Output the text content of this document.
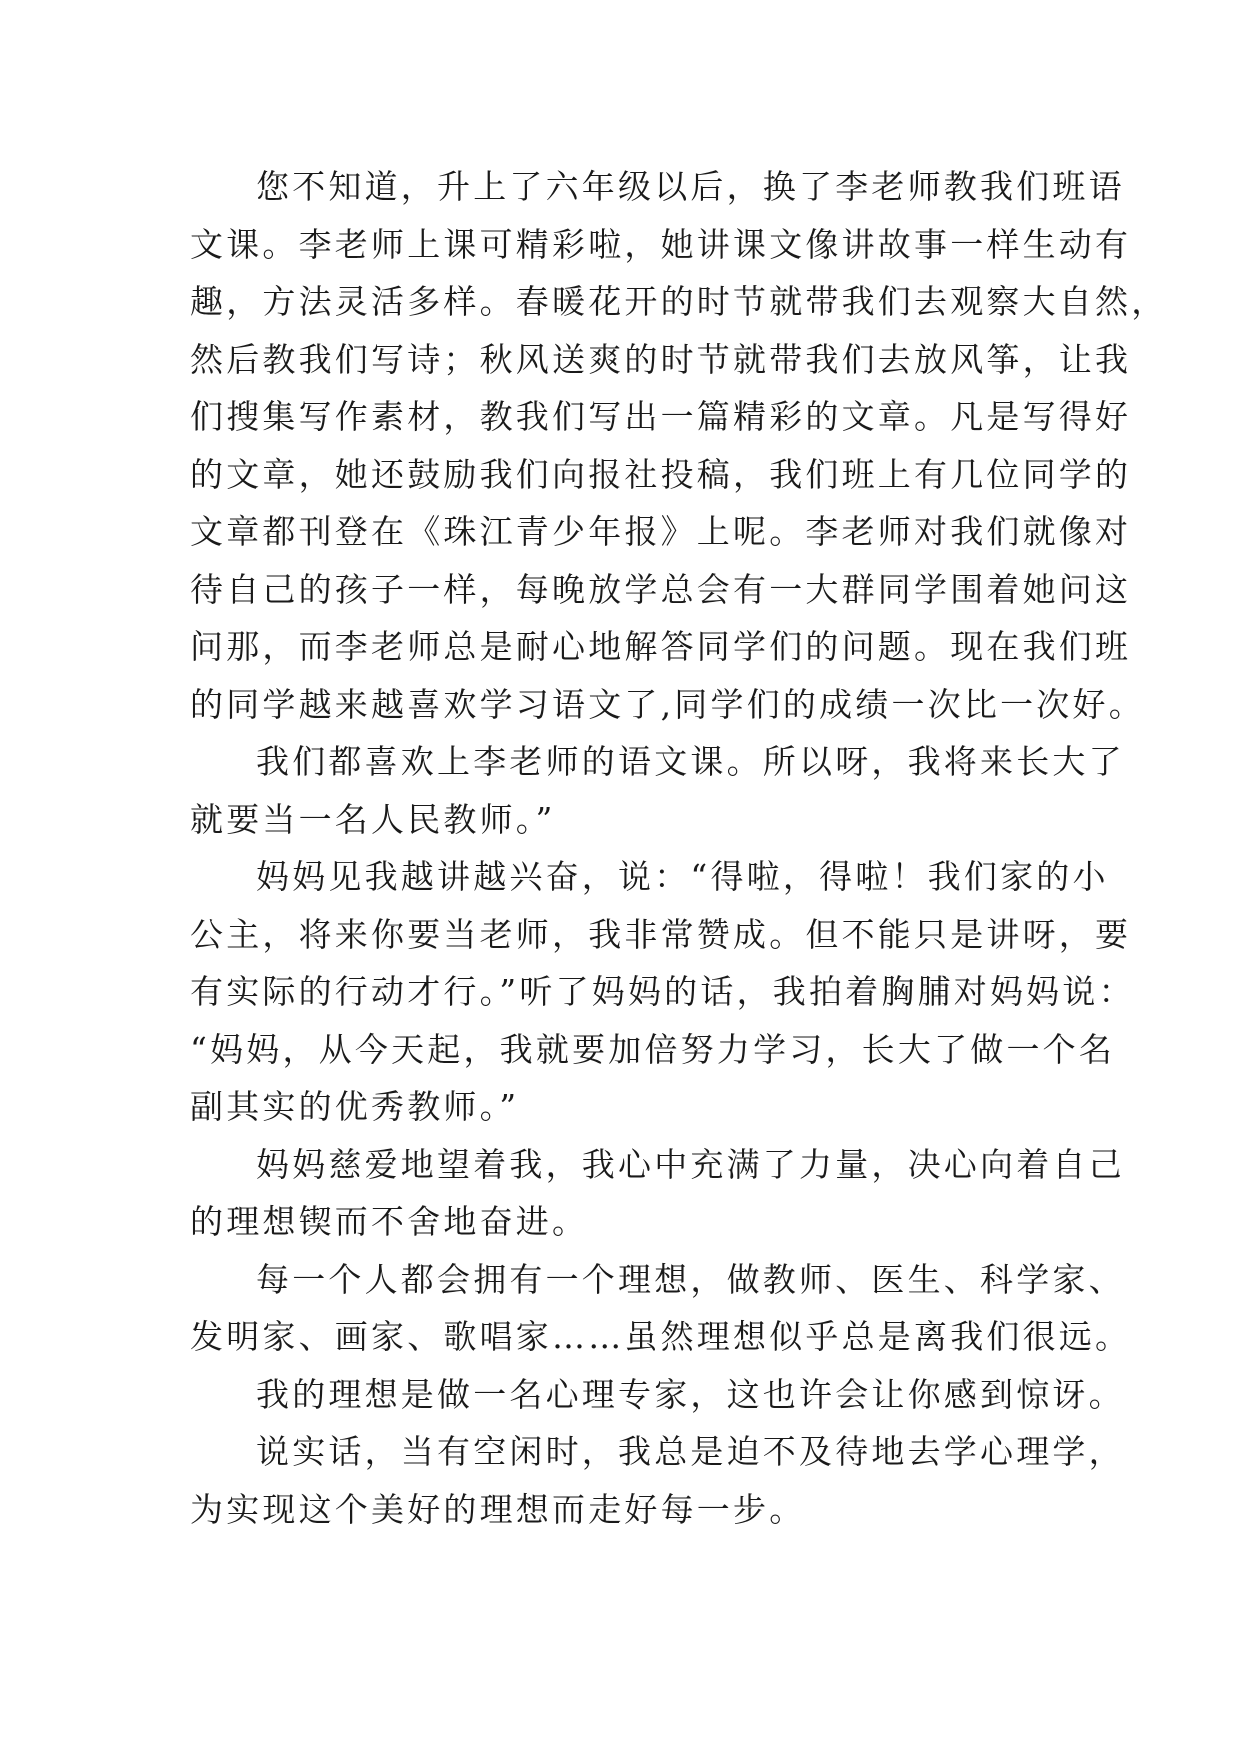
您不知道，升上了六年级以后，换了李老师教我们班语
文课。李老师上课可精彩啦，她讲课文像讲故事一样生动有
趣，方法灵活多样。春暖花开的时节就带我们去观察大自然，
然后教我们写诗；秋风送爽的时节就带我们去放风筝，让我
们搜集写作素材，教我们写出一篇精彩的文章。凡是写得好
的文章，她还鼓励我们向报社投稿，我们班上有几位同学的
文章都刊登在《珠江青少年报》上呢。李老师对我们就像对
待自己的孩子一样，每晚放学总会有一大群同学围着她问这
问那，而李老师总是耐心地解答同学们的问题。现在我们班
的同学越来越喜欢学习语文了,同学们的成绩一次比一次好。
我们都喜欢上李老师的语文课。所以呀，我将来长大了
就要当一名人民教师。”
妈妈见我越讲越兴奋，说：“得啦，得啦！我们家的小
公主，将来你要当老师，我非常赞成。但不能只是讲呀，要
有实际的行动才行。”听了妈妈的话，我拍着胸脯对妈妈说：
“妈妈，从今天起，我就要加倍努力学习，长大了做一个名
副其实的优秀教师。”
妈妈慈爱地望着我，我心中充满了力量，决心向着自己
的理想锲而不舍地奋进。
每一个人都会拥有一个理想，做教师、医生、科学家、
发明家、画家、歌唱家……虽然理想似乎总是离我们很远。
我的理想是做一名心理专家，这也许会让你感到惊讶。
说实话，当有空闲时，我总是迫不及待地去学心理学，
为实现这个美好的理想而走好每一步。
